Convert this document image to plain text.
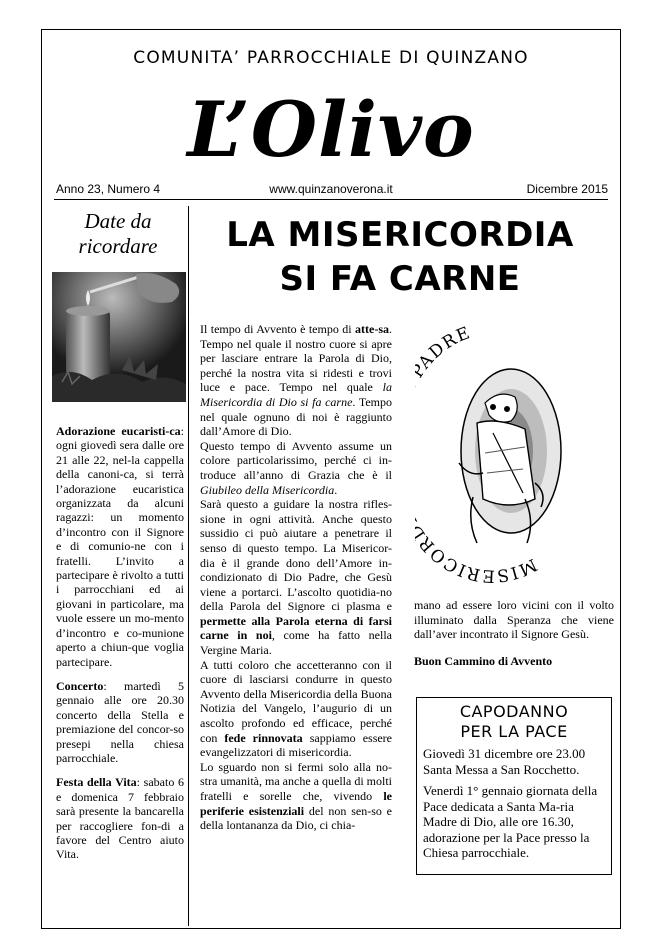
COMUNITA’ PARROCCHIALE DI QUINZANO
L’Olivo
Anno 23, Numero 4	www.quinzanoverona.it	Dicembre 2015

Date da
ricordare

Adorazione eucaristi-ca: ogni giovedì sera dalle ore 21 alle 22, nel-la cappella della canoni-ca, si terrà l’adorazione eucaristica organizzata da alcuni ragazzi: un momento d’incontro con il Signore e di comunio-ne con i fratelli. L’invito a partecipare è rivolto a tutti i parrocchiani ed ai giovani in particolare, ma vuole essere un mo-mento d’incontro e co-munione aperto a chiun-que voglia partecipare.

Concerto: martedì 5 gennaio alle ore 20.30 concerto della Stella e premiazione del concor-so presepi nella chiesa parrocchiale.

Festa della Vita: sabato 6 e domenica 7 febbraio sarà presente la bancarella per raccogliere fon-di a favore del Centro aiuto Vita.

LA MISERICORDIA
SI FA CARNE

Il tempo di Avvento è tempo di atte-sa. Tempo nel quale il nostro cuore si apre per lasciare entrare la Parola di Dio, perché la nostra vita si ridesti e trovi luce e pace. Tempo nel quale la Misericordia di Dio si fa carne. Tempo nel quale ognuno di noi è raggiunto dall’Amore di Dio.

Questo tempo di Avvento assume un colore particolarissimo, perché ci in-troduce all’anno di Grazia che è il Giubileo della Misericordia.

Sarà questo a guidare la nostra rifles-sione in ogni attività. Anche questo sussidio ci può aiutare a penetrare il senso di questo tempo. La Misericor-dia è il grande dono dell’Amore in-condizionato di Dio Padre, che Gesù viene a portarci. L’ascolto quotidia-no della Parola del Signore ci plasma e permette alla Parola eterna di farsi carne in noi, come ha fatto nella Vergine Maria.

A tutti coloro che accetteranno con il cuore di lasciarsi condurre in questo Avvento della Misericordia della Buona Notizia del Vangelo, l’augurio di un ascolto profondo ed efficace, perché con fede rinnovata sappiamo essere evangelizzatori di misericordia.

Lo sguardo non si fermi solo alla no-stra umanità, ma anche a quella di molti fratelli e sorelle che, vivendo le periferie esistenziali del non sen-so e della lontananza da Dio, ci chia-

MISERICOR ADRE

mano ad essere loro vicini con il volto illuminato dalla Speranza che viene dall’aver incontrato il Signore Gesù.

Buon Cammino di Avvento

CAPODANNO
PER LA PACE

Giovedì 31 dicembre ore 23.00 Santa Messa a San Rocchetto.

Venerdì 1° gennaio giornata della Pace dedicata a Santa Ma-ria Madre di Dio, alle ore 16.30, adorazione per la Pace presso la Chiesa parrocchiale.
